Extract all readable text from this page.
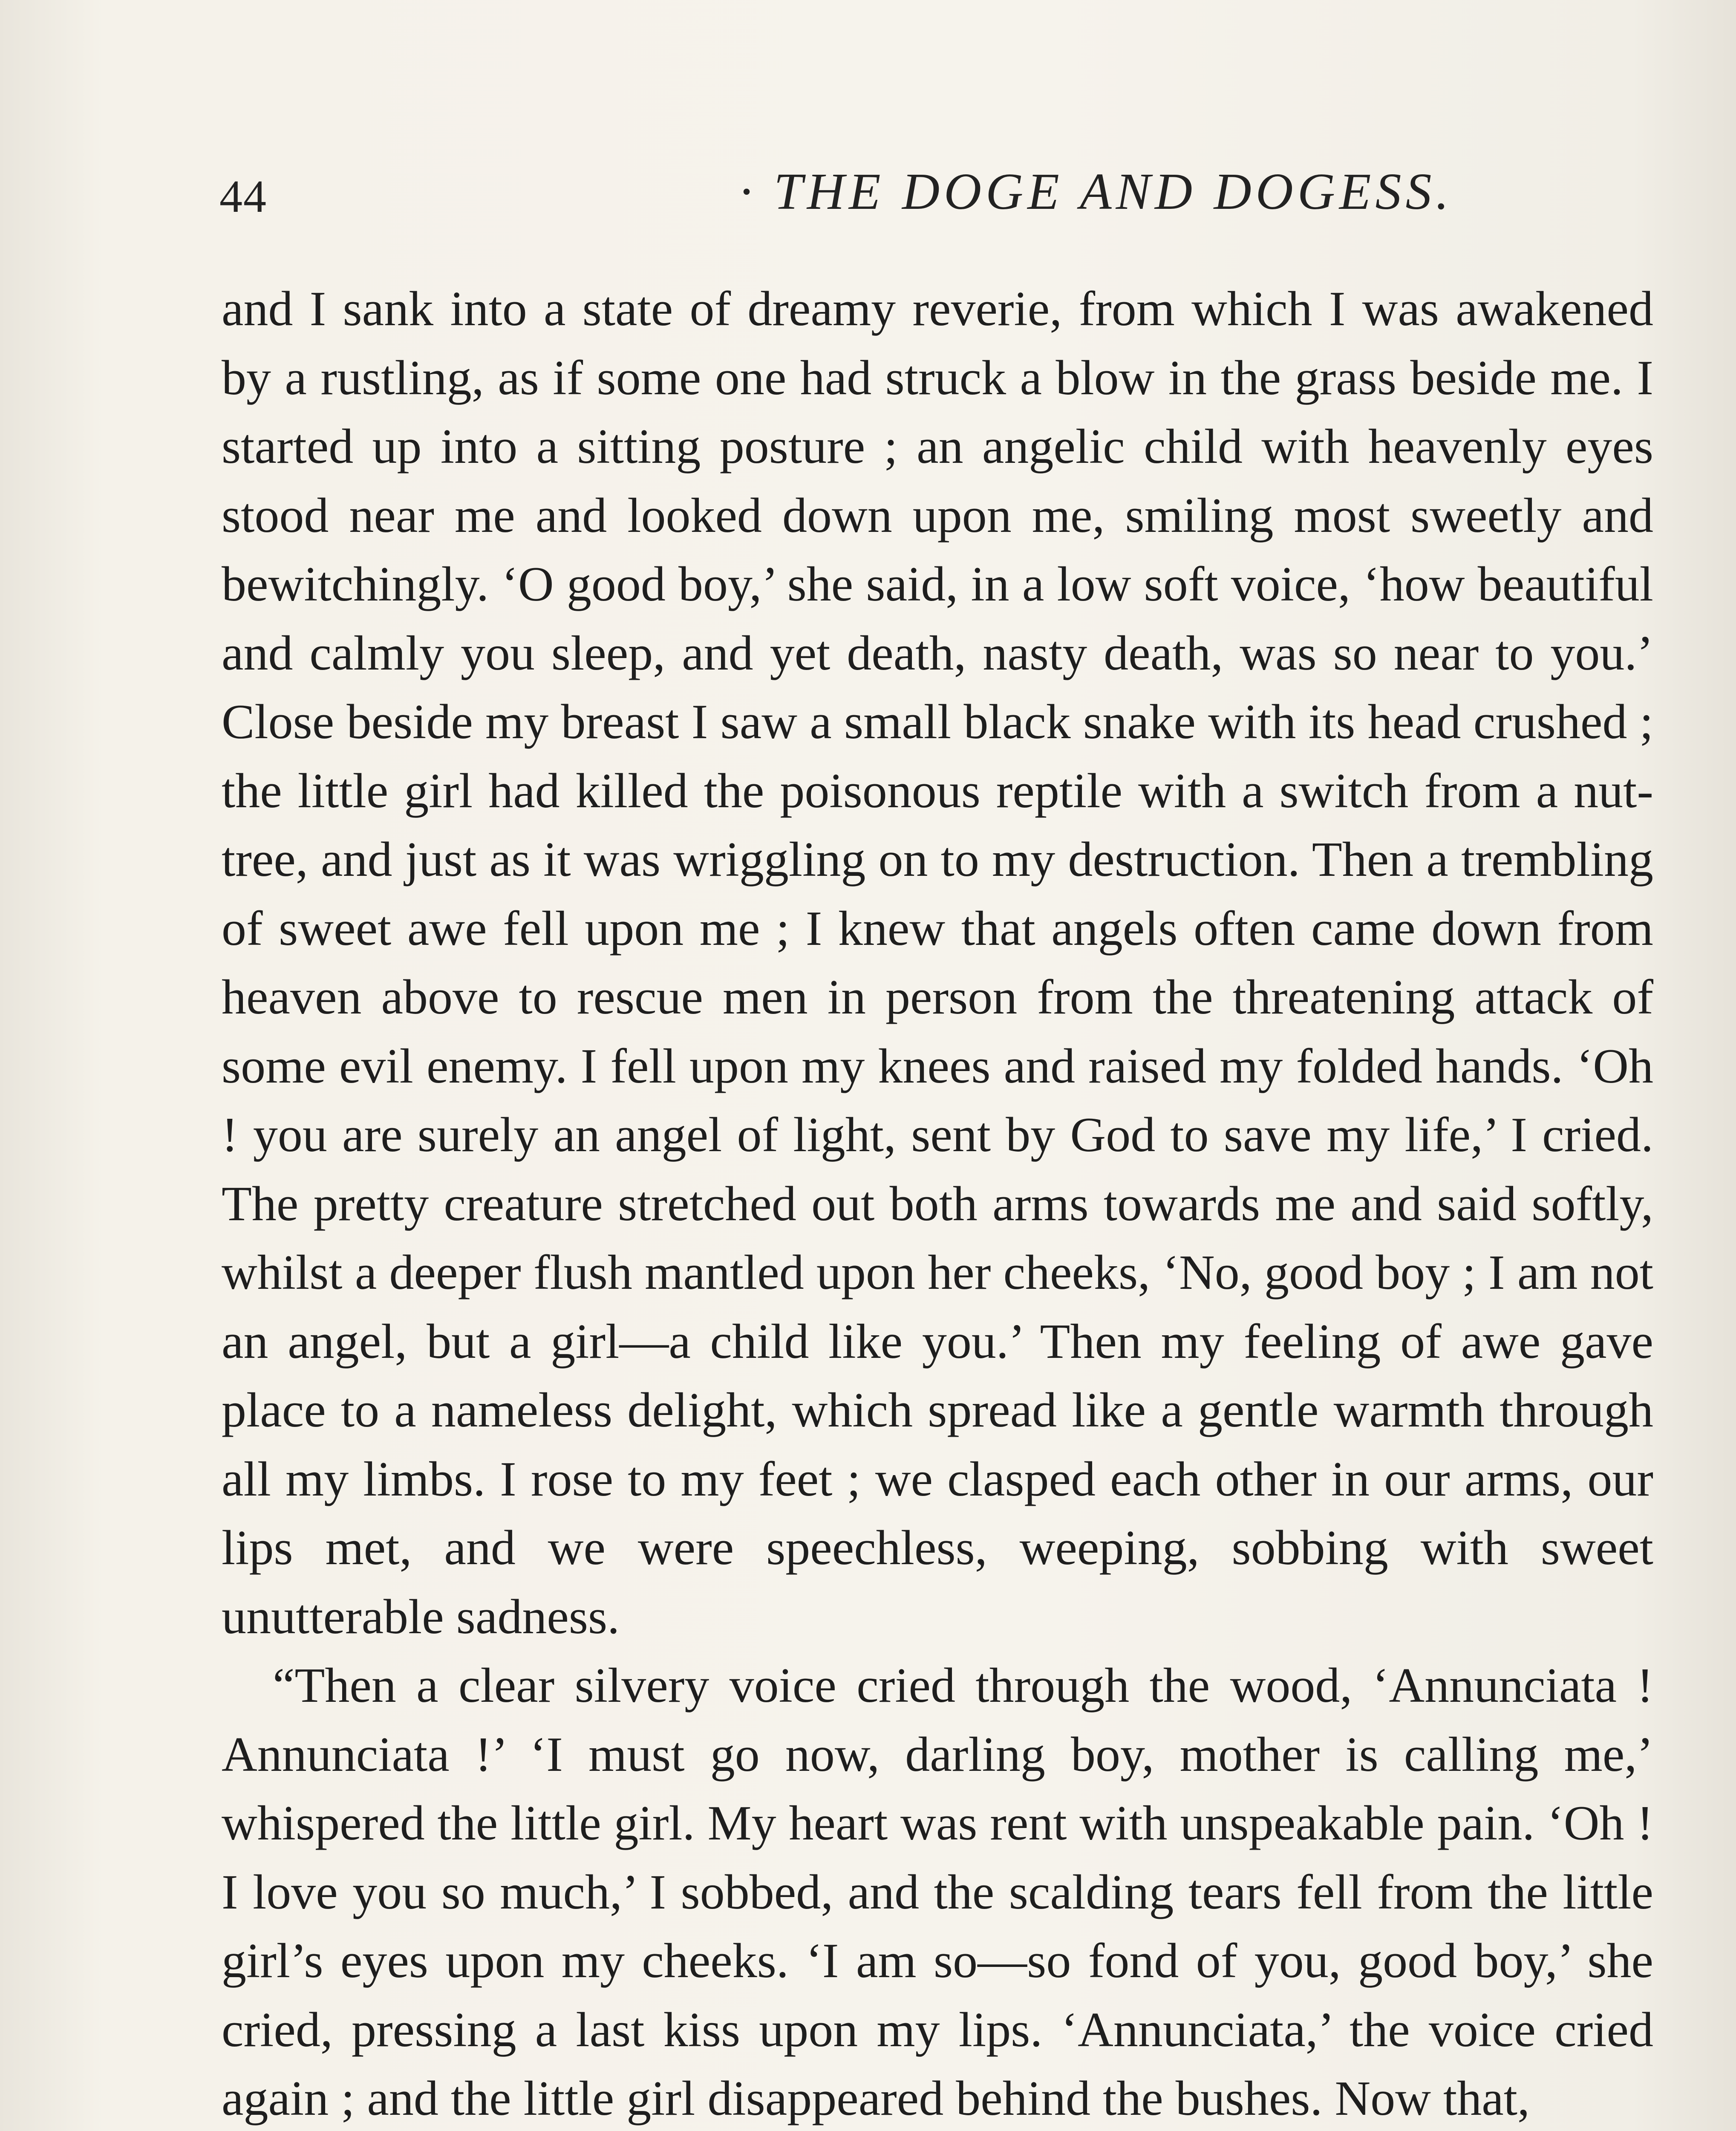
44	· THE DOGE AND DOGESS.

and I sank into a state of dreamy reverie, from which I was awakened by a rustling, as if some one had struck a blow in the grass beside me. I started up into a sitting posture ; an angelic child with heavenly eyes stood near me and looked down upon me, smiling most sweetly and bewitchingly. ‘O good boy,’ she said, in a low soft voice, ‘how beautiful and calmly you sleep, and yet death, nasty death, was so near to you.’ Close beside my breast I saw a small black snake with its head crushed ; the little girl had killed the poisonous reptile with a switch from a nut-tree, and just as it was wriggling on to my destruction. Then a trembling of sweet awe fell upon me ; I knew that angels often came down from heaven above to rescue men in person from the threatening attack of some evil enemy. I fell upon my knees and raised my folded hands. ‘Oh ! you are surely an angel of light, sent by God to save my life,’ I cried. The pretty creature stretched out both arms towards me and said softly, whilst a deeper flush mantled upon her cheeks, ‘No, good boy ; I am not an angel, but a girl—a child like you.’ Then my feeling of awe gave place to a nameless delight, which spread like a gentle warmth through all my limbs. I rose to my feet ; we clasped each other in our arms, our lips met, and we were speechless, weeping, sobbing with sweet unutterable sadness.

“Then a clear silvery voice cried through the wood, ‘Annunciata ! Annunciata !’ ‘I must go now, darling boy, mother is calling me,’ whispered the little girl. My heart was rent with unspeakable pain. ‘Oh ! I love you so much,’ I sobbed, and the scalding tears fell from the little girl’s eyes upon my cheeks. ‘I am so—so fond of you, good boy,’ she cried, pressing a last kiss upon my lips. ‘Annunciata,’ the voice cried again ; and the little girl disappeared behind the bushes. Now that,
